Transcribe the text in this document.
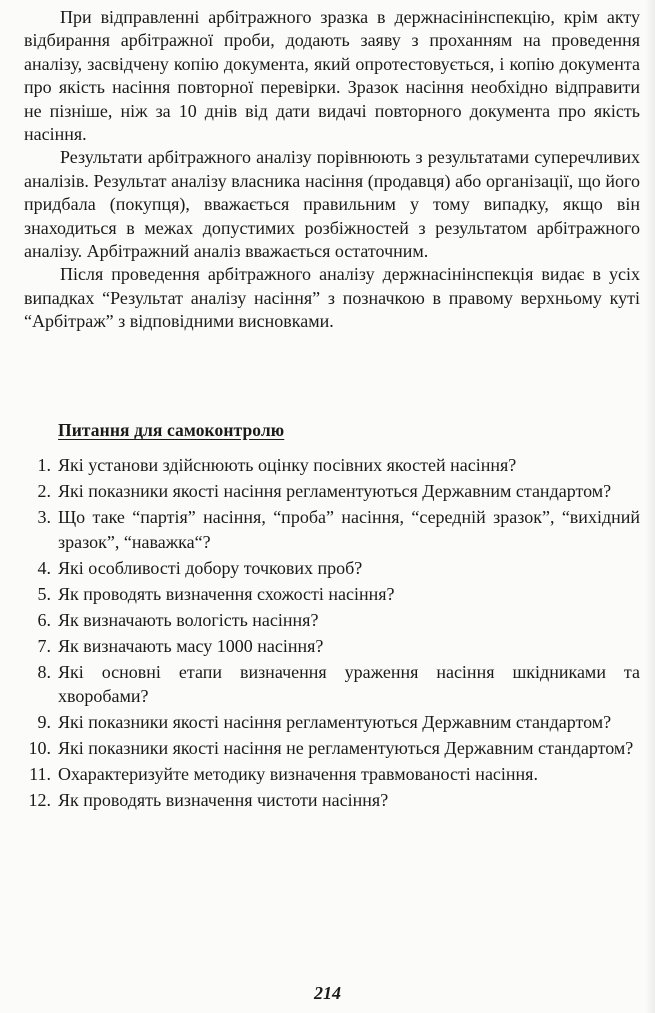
При відправленні арбітражного зразка в держнасінінспекцію, крім акту відбирання арбітражної проби, додають заяву з проханням на проведення аналізу, засвідчену копію документа, який опротестовується, і копію документа про якість насіння повторної перевірки. Зразок насіння необхідно відправити не пізніше, ніж за 10 днів від дати видачі повторного документа про якість насіння.

Результати арбітражного аналізу порівнюють з результатами суперечливих аналізів. Результат аналізу власника насіння (продавця) або організації, що його придбала (покупця), вважається правильним у тому випадку, якщо він знаходиться в межах допустимих розбіжностей з результатом арбітражного аналізу. Арбітражний аналіз вважається остаточним.

Після проведення арбітражного аналізу держнасінінспекція видає в усіх випадках “Результат аналізу насіння” з позначкою в правому верхньому куті “Арбітраж” з відповідними висновками.

Питання для самоконтролю
1. Які установи здійснюють оцінку посівних якостей насіння?
2. Які показники якості насіння регламентуються Державним стандартом?
3. Що таке “партія” насіння, “проба” насіння, “середній зразок”, “вихідний зразок”, “наважка“?
4. Які особливості добору точкових проб?
5. Як проводять визначення схожості насіння?
6. Як визначають вологість насіння?
7. Як визначають масу 1000 насіння?
8. Які основні етапи визначення ураження насіння шкідниками та хворобами?
9. Які показники якості насіння регламентуються Державним стандартом?
10. Які показники якості насіння не регламентуються Державним стандартом?
11. Охарактеризуйте методику визначення травмованості насіння.
12. Як проводять визначення чистоти насіння?
214
